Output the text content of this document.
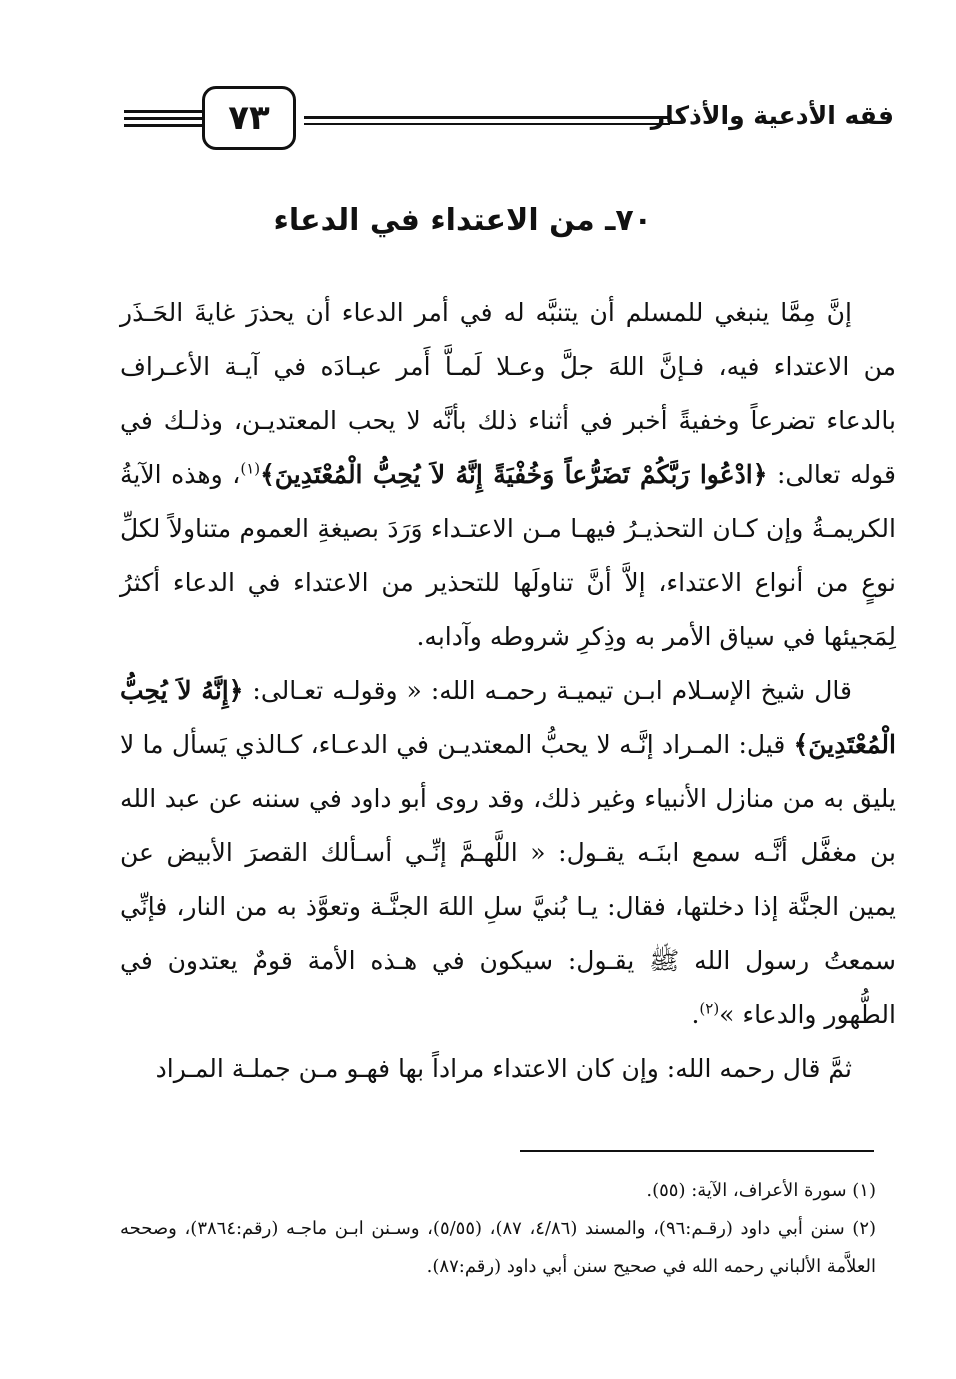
٧٣	فقه الأدعية والأذكار
٧٠ـ من الاعتداء في الدعاء

إنَّ مِمَّا ينبغي للمسلم أن يتنبَّه له في أمر الدعاء أن يحذرَ غايةَ الحَـذَر من الاعتداء فيه، فـإنَّ اللهَ جلَّ وعـلا لَمـاَّ أَمر عبـادَه في آيـة الأعـراف بالدعاء تضرعاً وخفيةً أخبر في أثناء ذلك بأنَّه لا يحب المعتديـن، وذلـك في قوله تعالى: ﴿ادْعُوا رَبَّكُمْ تَضَرُّعاً وَخُفْيَةً إِنَّهُ لاَ يُحِبُّ الْمُعْتَدِينَ﴾$^{(١)}$، وهذه الآيةُ الكريمـةُ وإن كـان التحذيـرُ فيهـا مـن الاعتـداء وَرَدَ بصيغةِ العموم متناولاً لكلِّ نوعٍ من أنواع الاعتداء، إلاَّ أنَّ تناولَها للتحذير من الاعتداء في الدعاء أكثرُ لِمَجيئها في سياق الأمر به وذِكرِ شروطه وآدابه.

قال شيخ الإسـلام ابـن تيميـة رحمـه الله: « وقولـه تعـالى: ﴿إِنَّهُ لاَ يُحِبُّ الْمُعْتَدِينَ﴾ قيل: المـراد إنَّـه لا يحبُّ المعتديـن في الدعـاء، كـالذي يَسأل ما لا يليق به من منازل الأنبياء وغير ذلك، وقد روى أبو داود في سننه عن عبد الله بن مغفَّل أنَّـه سمع ابنَـه يقـول: « اللَّهـمَّ إنِّـي أسـألك القصرَ الأبيض عن يمين الجنَّة إذا دخلتها، فقال: يـا بُنيَّ سلِ اللهَ الجنَّـة وتعوَّذ به من النار، فإنِّي سمعتُ رسول الله ﷺ يقـول: سيكون في هـذه الأمة قومٌ يعتدون في الطُّهور والدعاء »$^{(٢)}$.

ثمَّ قال رحمه الله: وإن كان الاعتداء مراداً بها فهـو مـن جملـة المـراد

(١) سورة الأعراف، الآية: (٥٥).

(٢) سنن أبي داود (رقـم:٩٦)، والمسند (٤/٨٦، ٨٧)، (٥/٥٥)، وسـنن ابـن ماجـه (رقم:٣٨٦٤)، وصححه العلاَّمة الألباني رحمه الله في صحيح سنن أبي داود (رقم:٨٧).
